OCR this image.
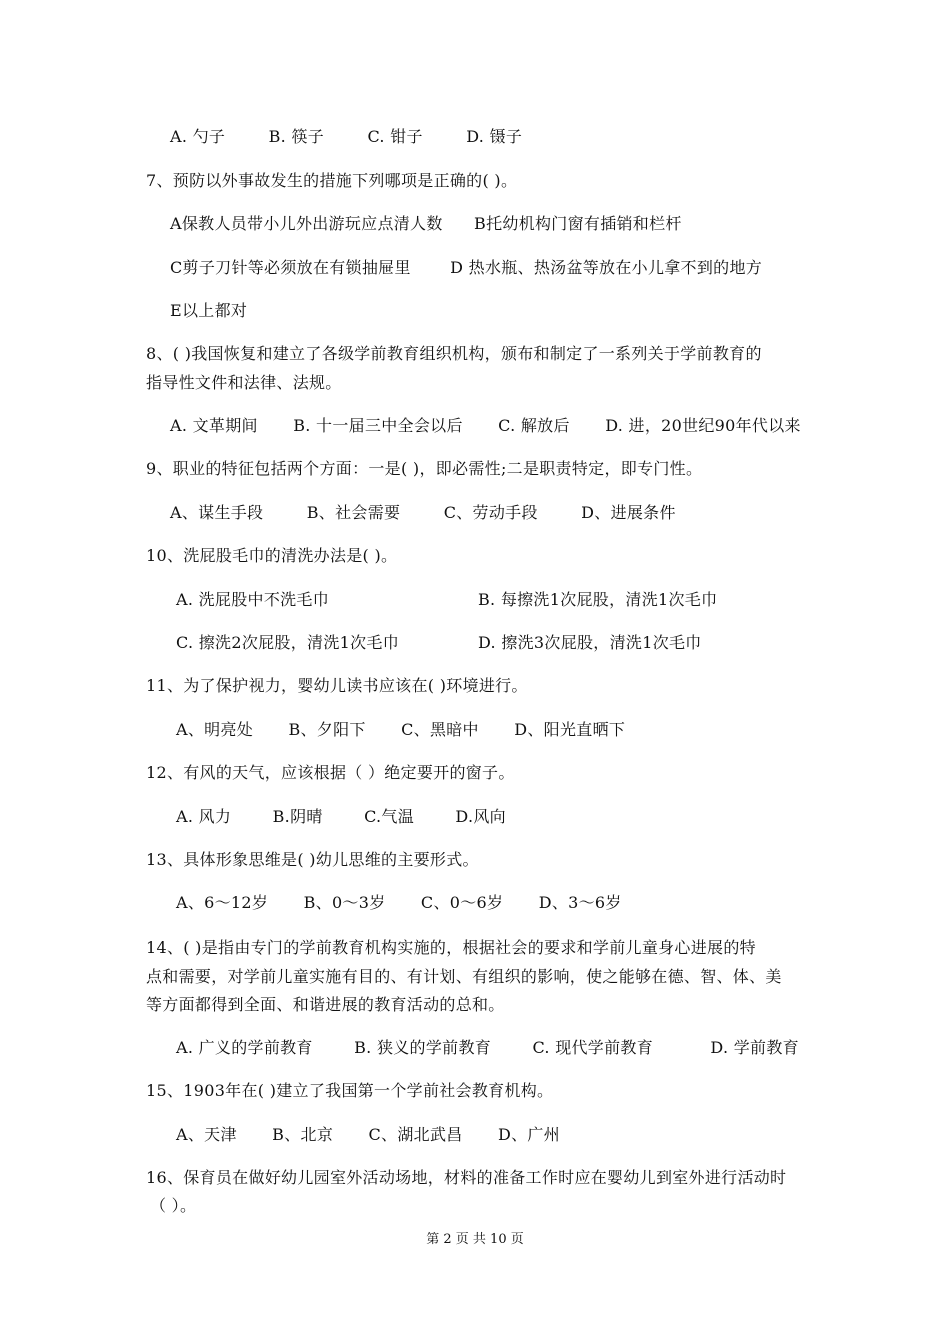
A. 勺子	B. 筷子	C. 钳子	D. 镊子
7、预防以外事故发生的措施下列哪项是正确的( )。
A保教人员带小儿外出游玩应点清人数 B托幼机构门窗有插销和栏杆
C剪子刀针等必须放在有锁抽屉里 D 热水瓶、热汤盆等放在小儿拿不到的地方
E以上都对
8、( )我国恢复和建立了各级学前教育组织机构，颁布和制定了一系列关于学前教育的
指导性文件和法律、法规。
A. 文革期间 B. 十一届三中全会以后 C. 解放后 D. 进，20世纪90年代以来
9、职业的特征包括两个方面：一是( )，即必需性;二是职责特定，即专门性。
A、谋生手段	B、社会需要	C、劳动手段	D、进展条件
10、洗屁股毛巾的清洗办法是( )。
A. 洗屁股中不洗毛巾	B. 每擦洗1次屁股，清洗1次毛巾
C. 擦洗2次屁股，清洗1次毛巾	D. 擦洗3次屁股，清洗1次毛巾
11、为了保护视力，婴幼儿读书应该在( )环境进行。
A、明亮处 B、夕阳下 C、黑暗中 D、阳光直晒下
12、有风的天气，应该根据（ ）绝定要开的窗子。
A. 风力	B.阴晴	C.气温	D.风向
13、具体形象思维是( )幼儿思维的主要形式。
A、6～12岁 B、0～3岁 C、0～6岁 D、3～6岁
14、( )是指由专门的学前教育机构实施的，根据社会的要求和学前儿童身心进展的特
点和需要，对学前儿童实施有目的、有计划、有组织的影响，使之能够在德、智、体、美
等方面都得到全面、和谐进展的教育活动的总和。
A. 广义的学前教育	B. 狭义的学前教育	C. 现代学前教育	D. 学前教育
15、1903年在( )建立了我国第一个学前社会教育机构。
A、天津 B、北京 C、湖北武昌 D、广州
16、保育员在做好幼儿园室外活动场地，材料的准备工作时应在婴幼儿到室外进行活动时
（ ）。
第 2 页 共 10 页
